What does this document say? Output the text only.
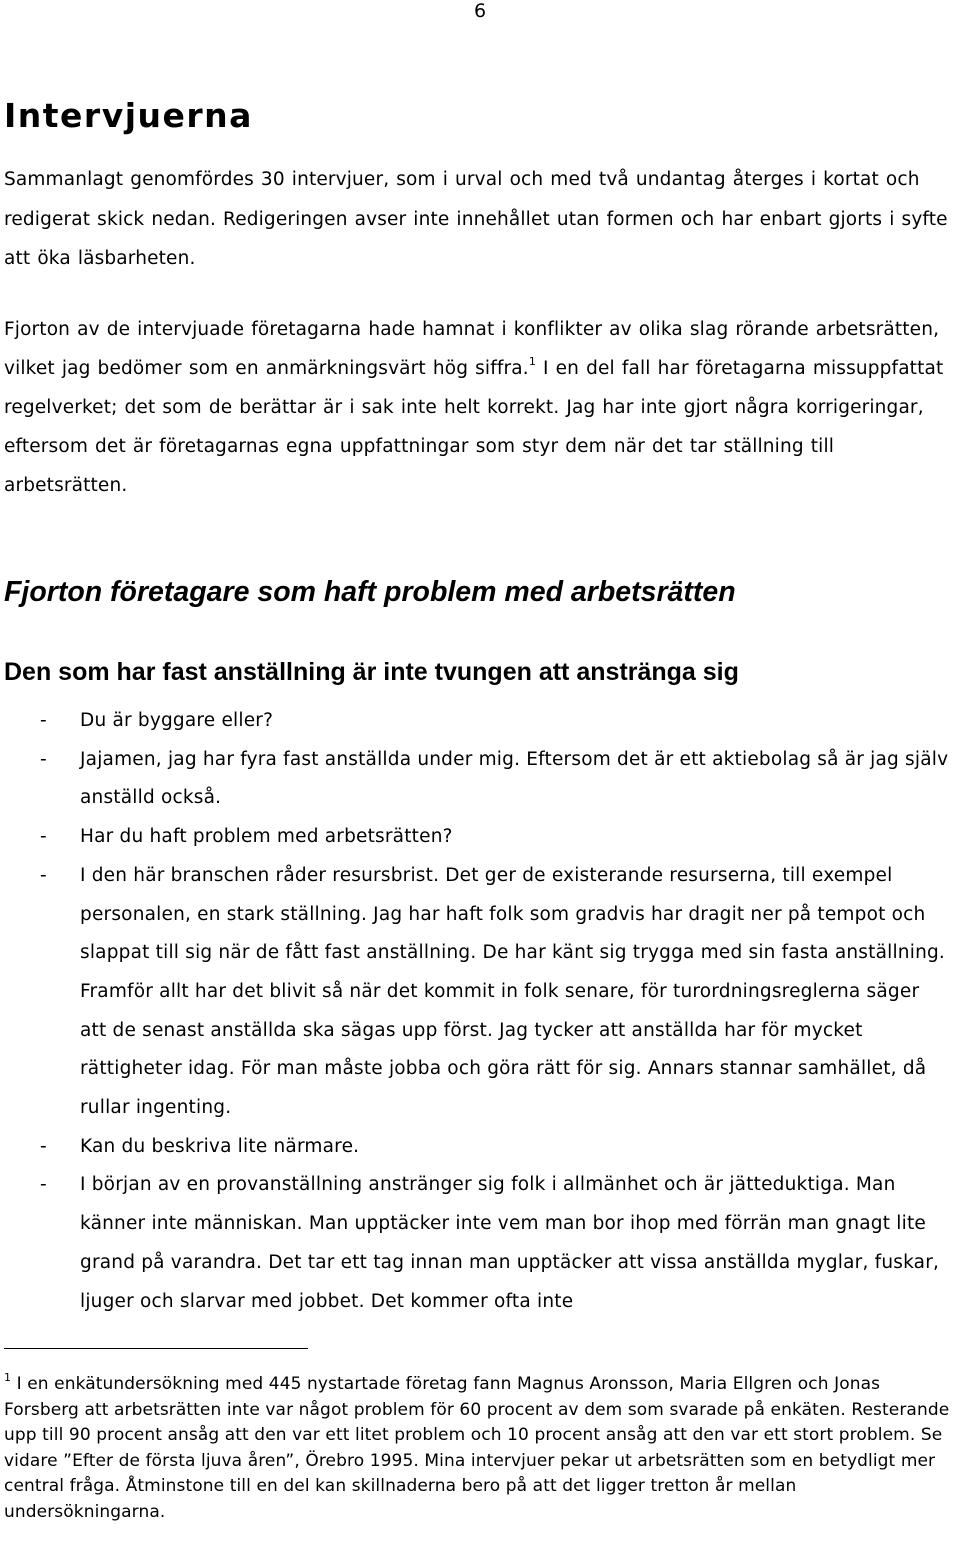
6
Intervjuerna

Sammanlagt genomfördes 30 intervjuer, som i urval och med två undantag återges i kortat och redigerat skick nedan. Redigeringen avser inte innehållet utan formen och har enbart gjorts i syfte att öka läsbarheten.

Fjorton av de intervjuade företagarna hade hamnat i konflikter av olika slag rörande arbetsrätten, vilket jag bedömer som en anmärkningsvärt hög siffra.$^1$ I en del fall har företagarna missuppfattat regelverket; det som de berättar är i sak inte helt korrekt. Jag har inte gjort några korrigeringar, eftersom det är företagarnas egna uppfattningar som styr dem när det tar ställning till arbetsrätten.

Fjorton företagare som haft problem med arbetsrätten
Den som har fast anställning är inte tvungen att anstränga sig
- Du är byggare eller?
- Jajamen, jag har fyra fast anställda under mig. Eftersom det är ett aktiebolag så är jag själv anställd också.
- Har du haft problem med arbetsrätten?
- I den här branschen råder resursbrist. Det ger de existerande resurserna, till exempel personalen, en stark ställning. Jag har haft folk som gradvis har dragit ner på tempot och slappat till sig när de fått fast anställning. De har känt sig trygga med sin fasta anställning. Framför allt har det blivit så när det kommit in folk senare, för turordningsreglerna säger att de senast anställda ska sägas upp först. Jag tycker att anställda har för mycket rättigheter idag. För man måste jobba och göra rätt för sig. Annars stannar samhället, då rullar ingenting.
- Kan du beskriva lite närmare.
- I början av en provanställning anstränger sig folk i allmänhet och är jätteduktiga. Man känner inte människan. Man upptäcker inte vem man bor ihop med förrän man gnagt lite grand på varandra. Det tar ett tag innan man upptäcker att vissa anställda myglar, fuskar, ljuger och slarvar med jobbet. Det kommer ofta inte

$^1$ I en enkätundersökning med 445 nystartade företag fann Magnus Aronsson, Maria Ellgren och Jonas Forsberg att arbetsrätten inte var något problem för 60 procent av dem som svarade på enkäten. Resterande upp till 90 procent ansåg att den var ett litet problem och 10 procent ansåg att den var ett stort problem. Se vidare ”Efter de första ljuva åren”, Örebro 1995. Mina intervjuer pekar ut arbetsrätten som en betydligt mer central fråga. Åtminstone till en del kan skillnaderna bero på att det ligger tretton år mellan undersökningarna.
